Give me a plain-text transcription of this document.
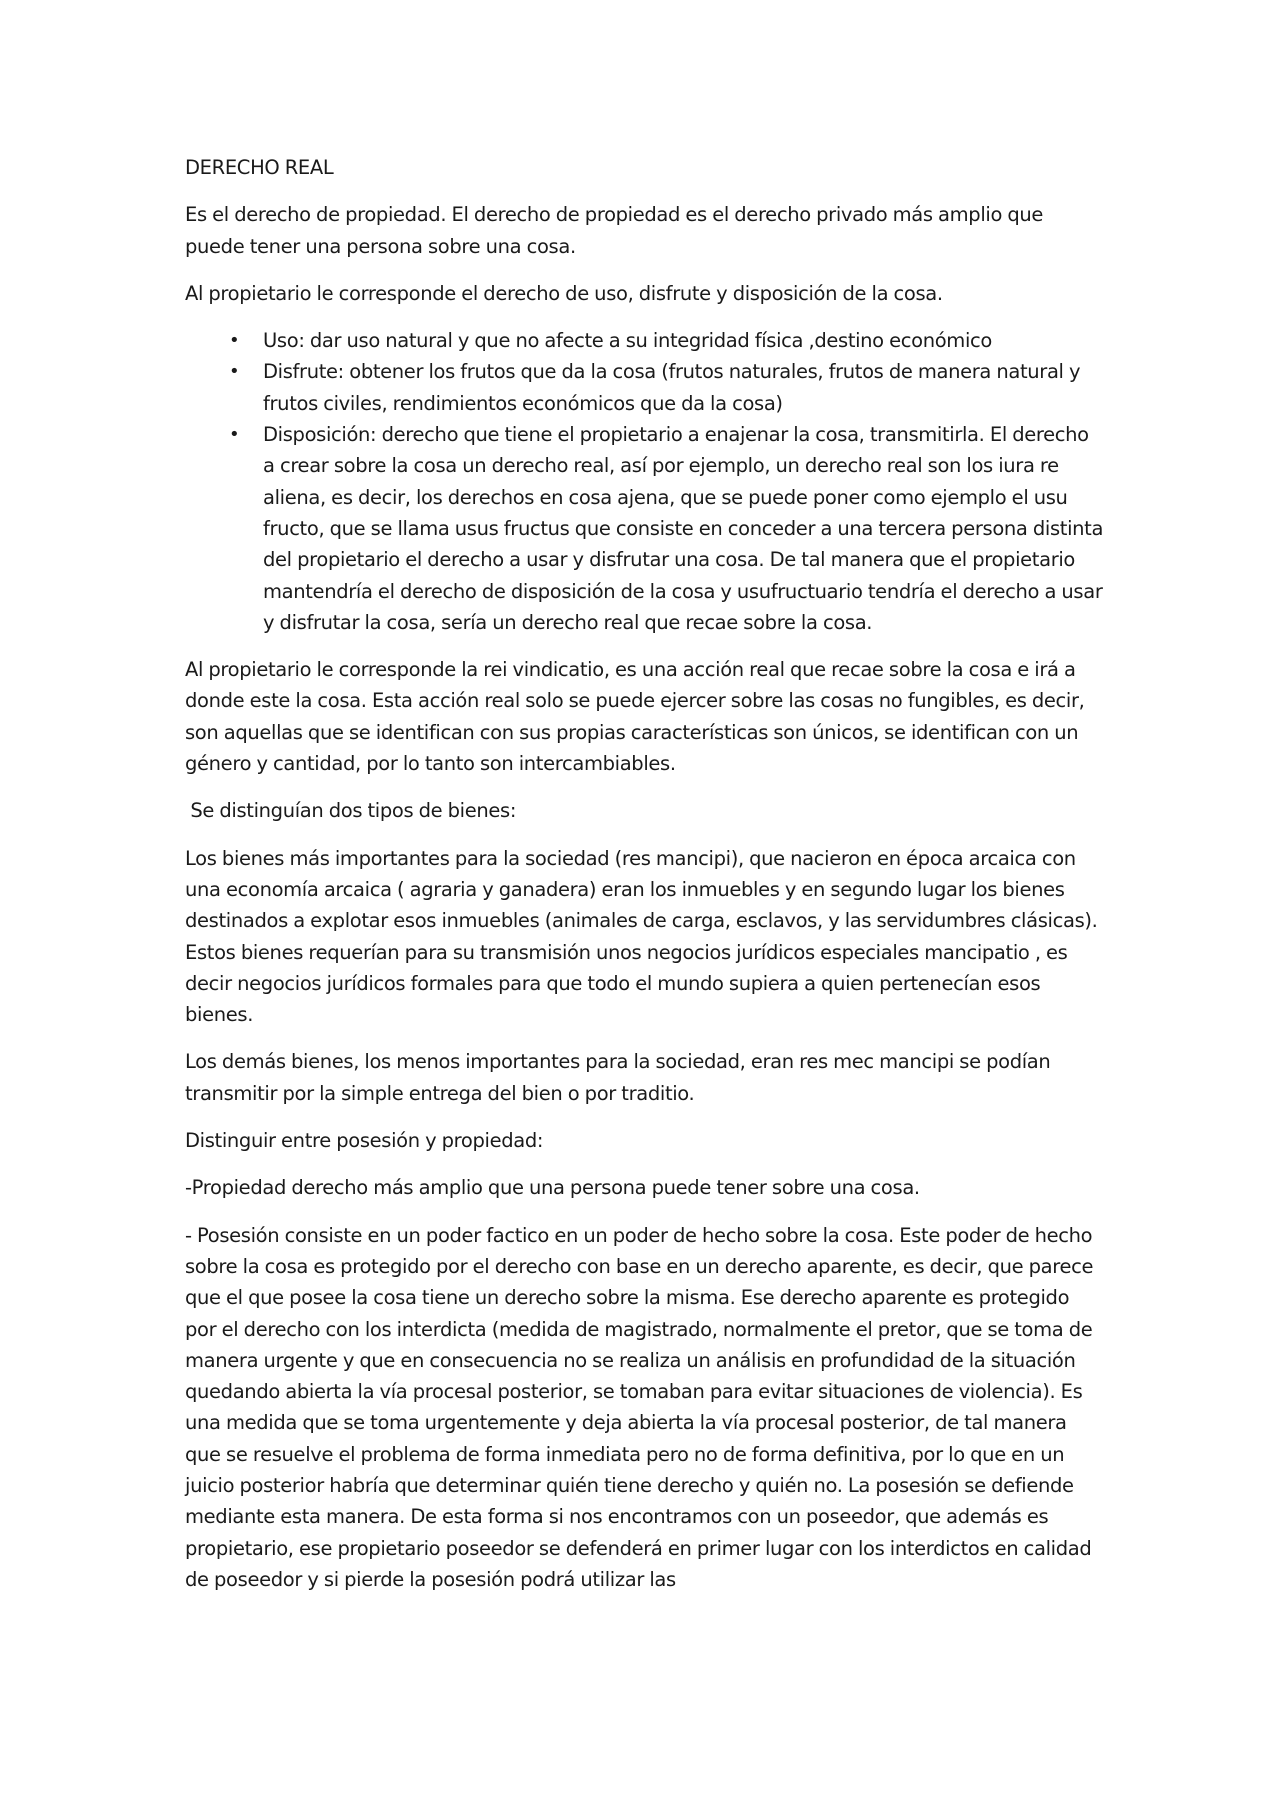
DERECHO REAL

Es el derecho de propiedad. El derecho de propiedad es el derecho privado más amplio que puede tener una persona sobre una cosa.

Al propietario le corresponde el derecho de uso, disfrute y disposición de la cosa.

• Uso: dar uso natural y que no afecte a su integridad física ,destino económico
• Disfrute: obtener los frutos que da la cosa (frutos naturales, frutos de manera natural y frutos civiles, rendimientos económicos que da la cosa)
• Disposición: derecho que tiene el propietario a enajenar la cosa, transmitirla. El derecho a crear sobre la cosa un derecho real, así por ejemplo, un derecho real son los iura re aliena, es decir, los derechos en cosa ajena, que se puede poner como ejemplo el usu fructo, que se llama usus fructus que consiste en conceder a una tercera persona distinta del propietario el derecho a usar y disfrutar una cosa. De tal manera que el propietario mantendría el derecho de disposición de la cosa y usufructuario tendría el derecho a usar y disfrutar la cosa, sería un derecho real que recae sobre la cosa.

Al propietario le corresponde la rei vindicatio, es una acción real que recae sobre la cosa e irá a donde este la cosa. Esta acción real solo se puede ejercer sobre las cosas no fungibles, es decir, son aquellas que se identifican con sus propias características son únicos, se identifican con un género y cantidad, por lo tanto son intercambiables.

Se distinguían dos tipos de bienes:

Los bienes más importantes para la sociedad (res mancipi), que nacieron en época arcaica con una economía arcaica ( agraria y ganadera) eran los inmuebles y en segundo lugar los bienes destinados a explotar esos inmuebles (animales de carga, esclavos, y las servidumbres clásicas). Estos bienes requerían para su transmisión unos negocios jurídicos especiales mancipatio , es decir negocios jurídicos formales para que todo el mundo supiera a quien pertenecían esos bienes.

Los demás bienes, los menos importantes para la sociedad, eran res mec mancipi se podían transmitir por la simple entrega del bien o por traditio.

Distinguir entre posesión y propiedad:

-Propiedad derecho más amplio que una persona puede tener sobre una cosa.

- Posesión consiste en un poder factico en un poder de hecho sobre la cosa. Este poder de hecho sobre la cosa es protegido por el derecho con base en un derecho aparente, es decir, que parece que el que posee la cosa tiene un derecho sobre la misma. Ese derecho aparente es protegido por el derecho con los interdicta (medida de magistrado, normalmente el pretor, que se toma de manera urgente y que en consecuencia no se realiza un análisis en profundidad de la situación quedando abierta la vía procesal posterior, se tomaban para evitar situaciones de violencia). Es una medida que se toma urgentemente y deja abierta la vía procesal posterior, de tal manera que se resuelve el problema de forma inmediata pero no de forma definitiva, por lo que en un juicio posterior habría que determinar quién tiene derecho y quién no. La posesión se defiende mediante esta manera. De esta forma si nos encontramos con un poseedor, que además es propietario, ese propietario poseedor se defenderá en primer lugar con los interdictos en calidad de poseedor y si pierde la posesión podrá utilizar las
